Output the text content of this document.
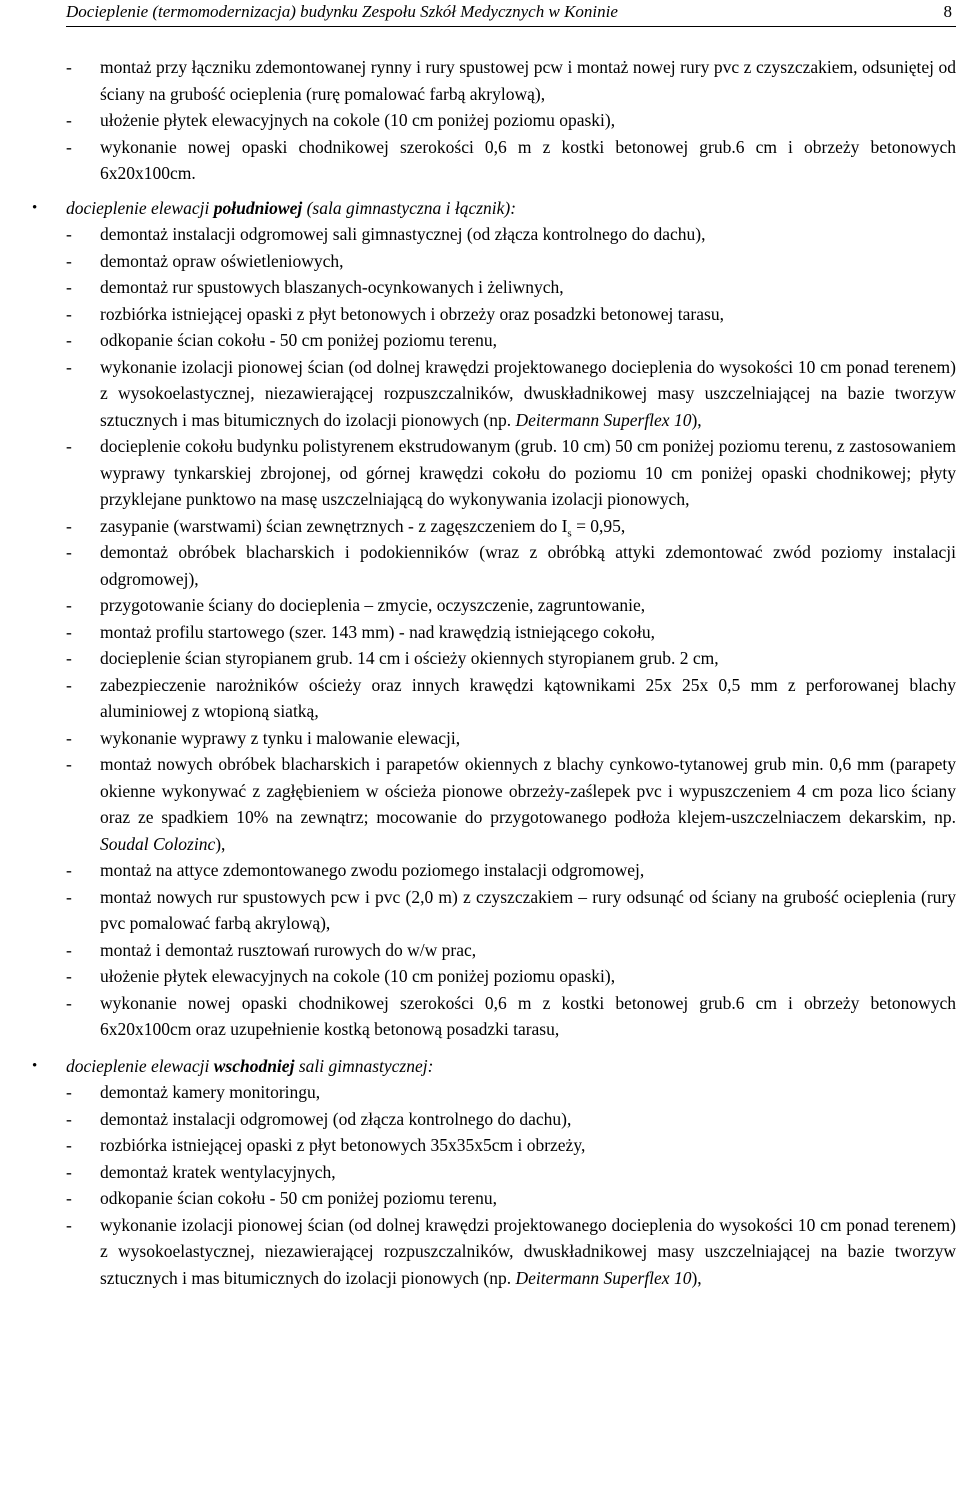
Docieplenie (termomodernizacja) budynku Zespołu Szkół Medycznych w Koninie	8
- montaż przy łączniku zdemontowanej rynny i rury spustowej pcw i montaż nowej rury pvc z czyszczakiem, odsuniętej od ściany na grubość ocieplenia (rurę pomalować farbą akrylową),
- ułożenie płytek elewacyjnych na cokole (10 cm poniżej poziomu opaski),
- wykonanie nowej opaski chodnikowej szerokości 0,6 m z kostki betonowej grub.6 cm i obrzeży betonowych 6x20x100cm.
• docieplenie elewacji południowej (sala gimnastyczna i łącznik):
- demontaż instalacji odgromowej sali gimnastycznej (od złącza kontrolnego do dachu),
- demontaż opraw oświetleniowych,
- demontaż rur spustowych blaszanych-ocynkowanych i żeliwnych,
- rozbiórka istniejącej opaski z płyt betonowych i obrzeży oraz posadzki betonowej tarasu,
- odkopanie ścian cokołu - 50 cm poniżej poziomu terenu,
- wykonanie izolacji pionowej ścian (od dolnej krawędzi projektowanego docieplenia do wysokości 10 cm ponad terenem) z wysokoelastycznej, niezawierającej rozpuszczalników, dwuskładnikowej masy uszczelniającej na bazie tworzyw sztucznych i mas bitumicznych do izolacji pionowych (np. Deitermann Superflex 10),
- docieplenie cokołu budynku polistyrenem ekstrudowanym (grub. 10 cm) 50 cm poniżej poziomu terenu, z zastosowaniem wyprawy tynkarskiej zbrojonej, od górnej krawędzi cokołu do poziomu 10 cm poniżej opaski chodnikowej; płyty przyklejane punktowo na masę uszczelniającą do wykonywania izolacji pionowych,
- zasypanie (warstwami) ścian zewnętrznych - z zagęszczeniem do $I_s = 0,95$,
- demontaż obróbek blacharskich i podokienników (wraz z obróbką attyki zdemontować zwód poziomy instalacji odgromowej),
- przygotowanie ściany do docieplenia – zmycie, oczyszczenie, zagruntowanie,
- montaż profilu startowego (szer. 143 mm) - nad krawędzią istniejącego cokołu,
- docieplenie ścian styropianem grub. 14 cm i ościeży okiennych styropianem grub. 2 cm,
- zabezpieczenie narożników ościeży oraz innych krawędzi kątownikami 25x 25x 0,5 mm z perforowanej blachy aluminiowej z wtopioną siatką,
- wykonanie wyprawy z tynku i malowanie elewacji,
- montaż nowych obróbek blacharskich i parapetów okiennych z blachy cynkowo-tytanowej grub min. 0,6 mm (parapety okienne wykonywać z zagłębieniem w ościeża pionowe obrzeży-zaślepek pvc i wypuszczeniem 4 cm poza lico ściany oraz ze spadkiem 10% na zewnątrz; mocowanie do przygotowanego podłoża klejem-uszczelniaczem dekarskim, np. Soudal Colozinc),
- montaż na attyce zdemontowanego zwodu poziomego instalacji odgromowej,
- montaż nowych rur spustowych pcw i pvc (2,0 m) z czyszczakiem – rury odsunąć od ściany na grubość ocieplenia (rury pvc pomalować farbą akrylową),
- montaż i demontaż rusztowań rurowych do w/w prac,
- ułożenie płytek elewacyjnych na cokole (10 cm poniżej poziomu opaski),
- wykonanie nowej opaski chodnikowej szerokości 0,6 m z kostki betonowej grub.6 cm i obrzeży betonowych 6x20x100cm oraz uzupełnienie kostką betonową posadzki tarasu,
• docieplenie elewacji wschodniej sali gimnastycznej:
- demontaż kamery monitoringu,
- demontaż instalacji odgromowej (od złącza kontrolnego do dachu),
- rozbiórka istniejącej opaski z płyt betonowych 35x35x5cm i obrzeży,
- demontaż kratek wentylacyjnych,
- odkopanie ścian cokołu - 50 cm poniżej poziomu terenu,
- wykonanie izolacji pionowej ścian (od dolnej krawędzi projektowanego docieplenia do wysokości 10 cm ponad terenem) z wysokoelastycznej, niezawierającej rozpuszczalników, dwuskładnikowej masy uszczelniającej na bazie tworzyw sztucznych i mas bitumicznych do izolacji pionowych (np. Deitermann Superflex 10),
